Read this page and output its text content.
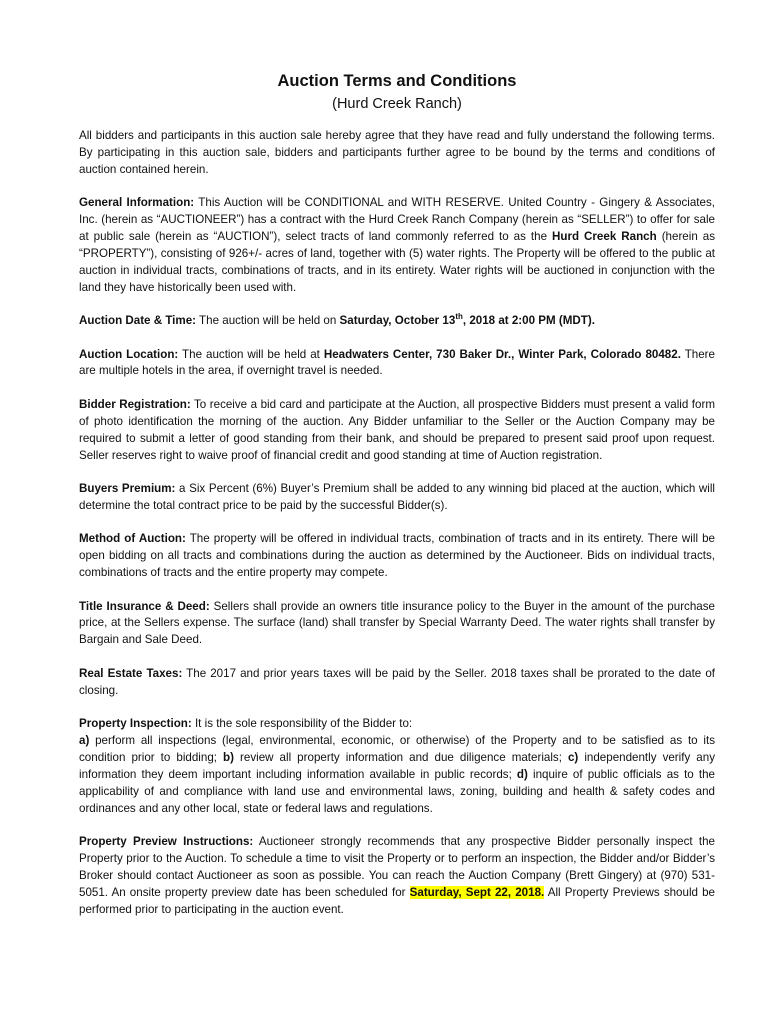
Auction Terms and Conditions
(Hurd Creek Ranch)

All bidders and participants in this auction sale hereby agree that they have read and fully understand the following terms. By participating in this auction sale, bidders and participants further agree to be bound by the terms and conditions of auction contained herein.

General Information: This Auction will be CONDITIONAL and WITH RESERVE. United Country - Gingery & Associates, Inc. (herein as “AUCTIONEER”) has a contract with the Hurd Creek Ranch Company (herein as “SELLER”) to offer for sale at public sale (herein as “AUCTION”), select tracts of land commonly referred to as the Hurd Creek Ranch (herein as “PROPERTY”), consisting of 926+/- acres of land, together with (5) water rights. The Property will be offered to the public at auction in individual tracts, combinations of tracts, and in its entirety. Water rights will be auctioned in conjunction with the land they have historically been used with.

Auction Date & Time: The auction will be held on Saturday, October 13th, 2018 at 2:00 PM (MDT).

Auction Location: The auction will be held at Headwaters Center, 730 Baker Dr., Winter Park, Colorado 80482. There are multiple hotels in the area, if overnight travel is needed.

Bidder Registration: To receive a bid card and participate at the Auction, all prospective Bidders must present a valid form of photo identification the morning of the auction. Any Bidder unfamiliar to the Seller or the Auction Company may be required to submit a letter of good standing from their bank, and should be prepared to present said proof upon request. Seller reserves right to waive proof of financial credit and good standing at time of Auction registration.

Buyers Premium: a Six Percent (6%) Buyer’s Premium shall be added to any winning bid placed at the auction, which will determine the total contract price to be paid by the successful Bidder(s).

Method of Auction: The property will be offered in individual tracts, combination of tracts and in its entirety. There will be open bidding on all tracts and combinations during the auction as determined by the Auctioneer. Bids on individual tracts, combinations of tracts and the entire property may compete.

Title Insurance & Deed: Sellers shall provide an owners title insurance policy to the Buyer in the amount of the purchase price, at the Sellers expense. The surface (land) shall transfer by Special Warranty Deed. The water rights shall transfer by Bargain and Sale Deed.

Real Estate Taxes: The 2017 and prior years taxes will be paid by the Seller. 2018 taxes shall be prorated to the date of closing.

Property Inspection: It is the sole responsibility of the Bidder to:
a) perform all inspections (legal, environmental, economic, or otherwise) of the Property and to be satisfied as to its condition prior to bidding; b) review all property information and due diligence materials; c) independently verify any information they deem important including information available in public records; d) inquire of public officials as to the applicability of and compliance with land use and environmental laws, zoning, building and health & safety codes and ordinances and any other local, state or federal laws and regulations.

Property Preview Instructions: Auctioneer strongly recommends that any prospective Bidder personally inspect the Property prior to the Auction. To schedule a time to visit the Property or to perform an inspection, the Bidder and/or Bidder’s Broker should contact Auctioneer as soon as possible. You can reach the Auction Company (Brett Gingery) at (970) 531-5051. An onsite property preview date has been scheduled for Saturday, Sept 22, 2018. All Property Previews should be performed prior to participating in the auction event.
